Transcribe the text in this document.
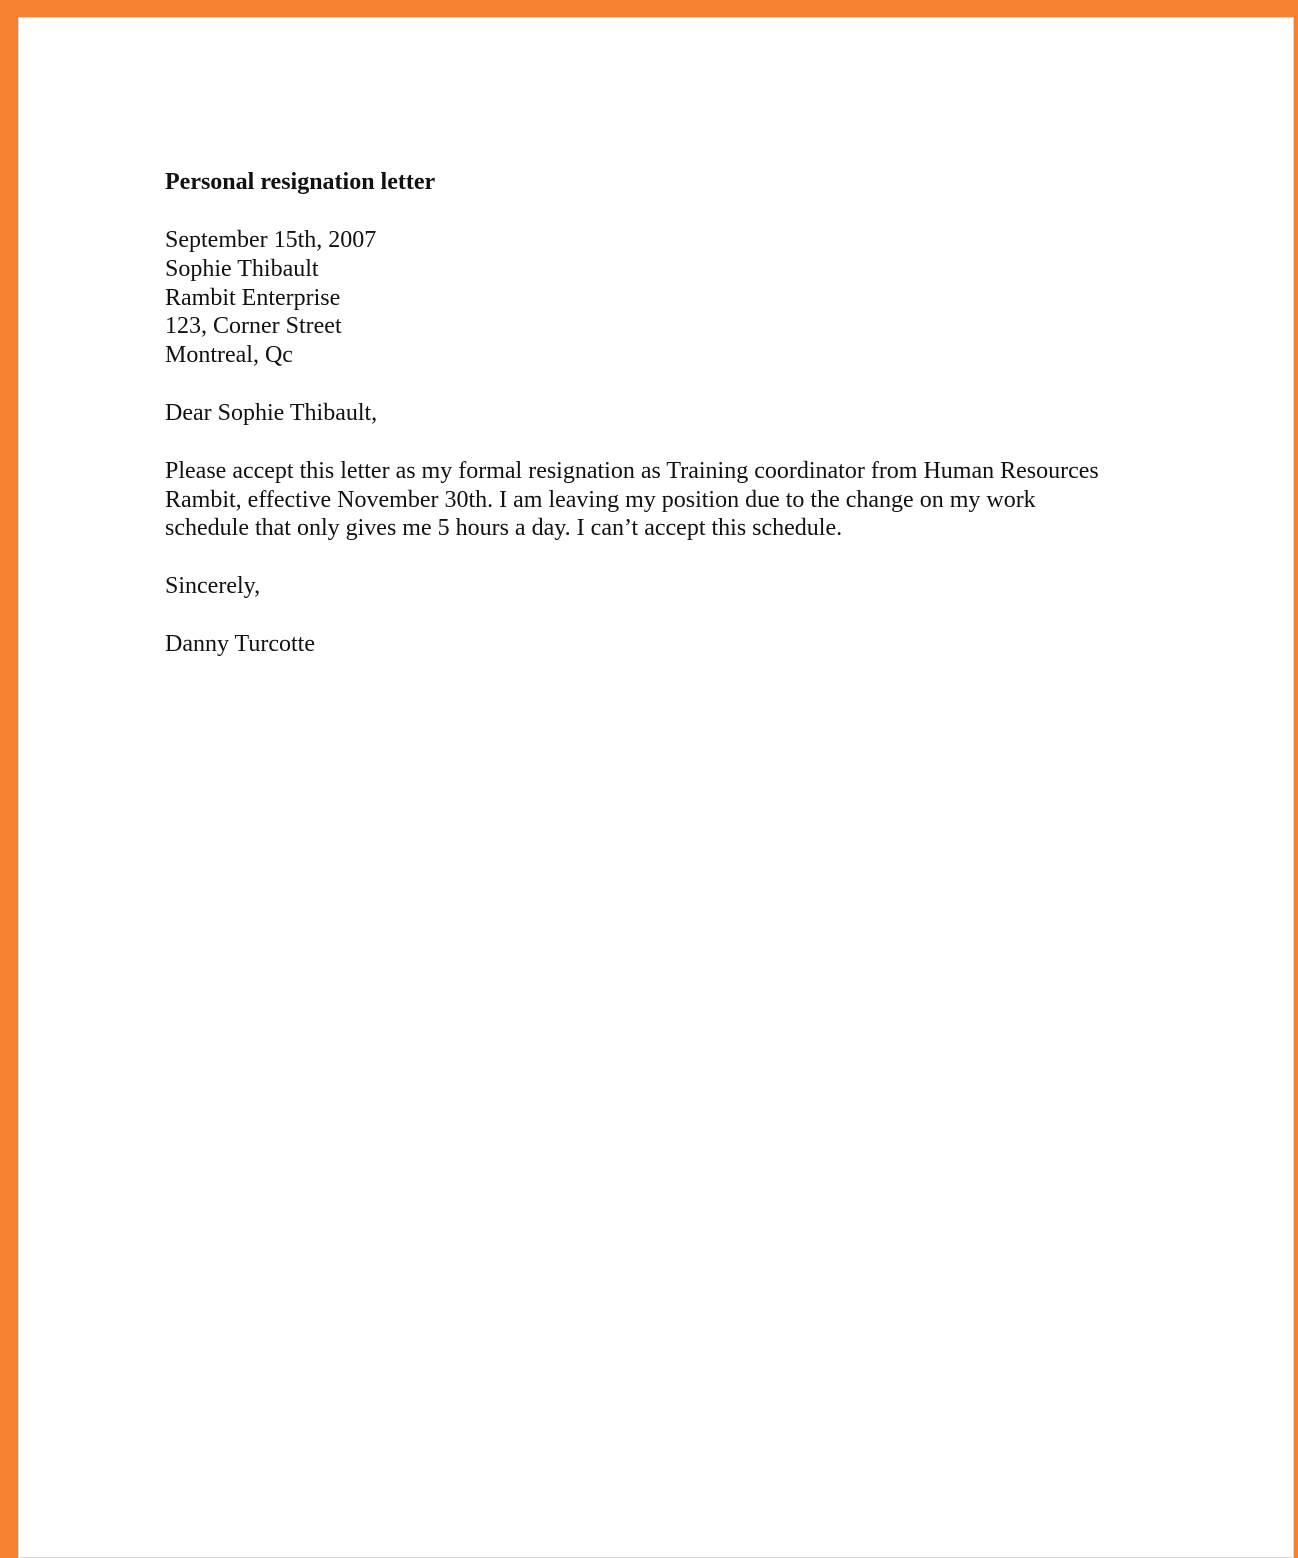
Personal resignation letter
September 15th, 2007
Sophie Thibault
Rambit Enterprise
123, Corner Street
Montreal, Qc
Dear Sophie Thibault,
Please accept this letter as my formal resignation as Training coordinator from Human Resources
Rambit, effective November 30th. I am leaving my position due to the change on my work
schedule that only gives me 5 hours a day. I can’t accept this schedule.
Sincerely,
Danny Turcotte
